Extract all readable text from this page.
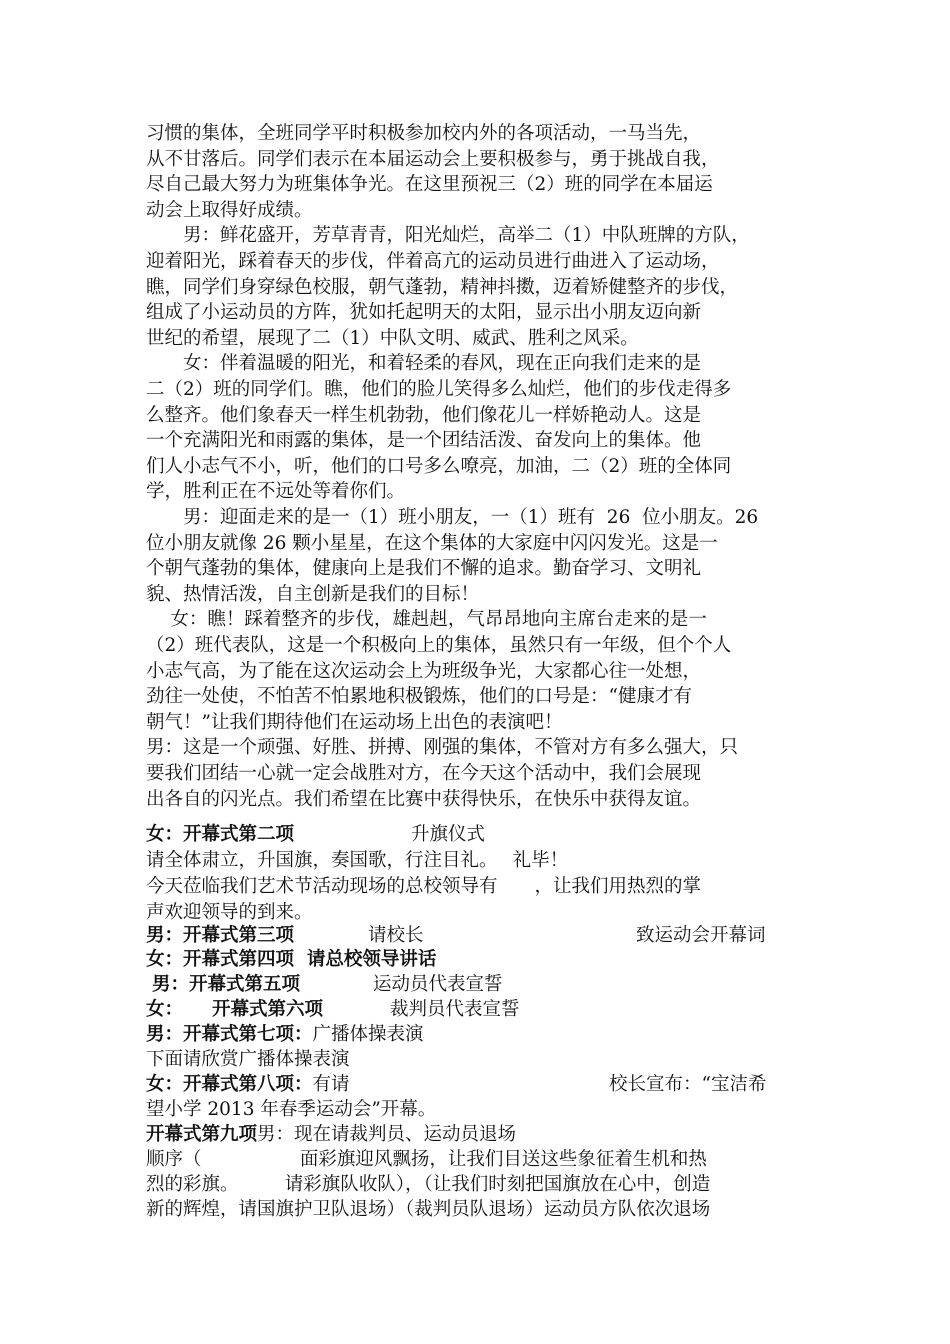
习惯的集体，全班同学平时积极参加校内外的各项活动，一马当先，
从不甘落后。同学们表示在本届运动会上要积极参与，勇于挑战自我，
尽自己最大努力为班集体争光。在这里预祝三（2）班的同学在本届运
动会上取得好成绩。
　　男：鲜花盛开，芳草青青，阳光灿烂，高举二（1）中队班牌的方队，
迎着阳光，踩着春天的步伐，伴着高亢的运动员进行曲进入了运动场，
瞧，同学们身穿绿色校服，朝气蓬勃，精神抖擞，迈着矫健整齐的步伐，
组成了小运动员的方阵，犹如托起明天的太阳，显示出小朋友迈向新
世纪的希望，展现了二（1）中队文明、威武、胜利之风采。
　　女：伴着温暖的阳光，和着轻柔的春风，现在正向我们走来的是
二（2）班的同学们。瞧，他们的脸儿笑得多么灿烂，他们的步伐走得多
么整齐。他们象春天一样生机勃勃，他们像花儿一样娇艳动人。这是
一个充满阳光和雨露的集体，是一个团结活泼、奋发向上的集体。他
们人小志气不小，听，他们的口号多么嘹亮，加油，二（2）班的全体同
学，胜利正在不远处等着你们。
　　男：迎面走来的是一（1）班小朋友，一（1）班有  26  位小朋友。26
位小朋友就像 26 颗小星星，在这个集体的大家庭中闪闪发光。这是一
个朝气蓬勃的集体，健康向上是我们不懈的追求。勤奋学习、文明礼
貌、热情活泼，自主创新是我们的目标！
　 女：瞧！踩着整齐的步伐，雄赳赳，气昂昂地向主席台走来的是一
（2）班代表队，这是一个积极向上的集体，虽然只有一年级，但个个人
小志气高，为了能在这次运动会上为班级争光，大家都心往一处想，
劲往一处使，不怕苦不怕累地积极锻炼，他们的口号是：“健康才有
朝气！”让我们期待他们在运动场上出色的表演吧！
男：这是一个顽强、好胜、拼搏、刚强的集体，不管对方有多么强大，只
要我们团结一心就一定会战胜对方，在今天这个活动中，我们会展现
出各自的闪光点。我们希望在比赛中获得快乐，在快乐中获得友谊。
女：开幕式第二项	升旗仪式
请全体肃立，升国旗，奏国歌，行注目礼。　 礼毕！
今天莅临我们艺术节活动现场的总校领导有　　，让我们用热烈的掌
声欢迎领导的到来。
男：开幕式第三项	请校长	致运动会开幕词
女：开幕式第四项  请总校领导讲话
男：开幕式第五项	运动员代表宣誓
女： 开幕式第六项	裁判员代表宣誓
男：开幕式第七项：广播体操表演
下面请欣赏广播体操表演
女：开幕式第八项：有请	校长宣布：“宝洁希
望小学 2013 年春季运动会”开幕。
开幕式第九项男：现在请裁判员、运动员退场
顺序（　　　　　 面彩旗迎风飘扬，让我们目送这些象征着生机和热
烈的彩旗。　　　请彩旗队收队），（让我们时刻把国旗放在心中，创造
新的辉煌，请国旗护卫队退场）（裁判员队退场）运动员方队依次退场
